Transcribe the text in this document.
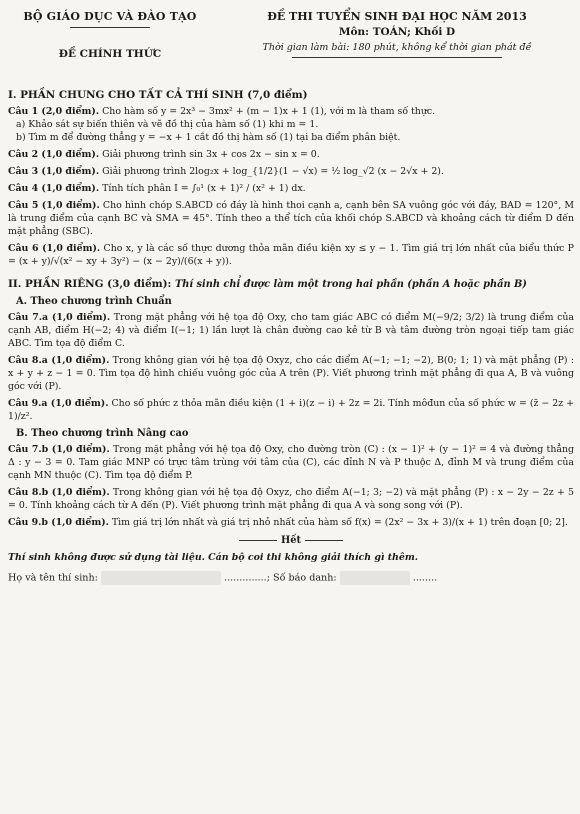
BỘ GIÁO DỤC VÀ ĐÀO TẠO
ĐỀ CHÍNH THỨC
ĐỀ THI TUYỂN SINH ĐẠI HỌC NĂM 2013
Môn: TOÁN; Khối D
Thời gian làm bài: 180 phút, không kể thời gian phát đề
I. PHẦN CHUNG CHO TẤT CẢ THÍ SINH (7,0 điểm)
Câu 1 (2,0 điểm). Cho hàm số y = 2x³ − 3mx² + (m − 1)x + 1 (1), với m là tham số thực.
a) Khảo sát sự biến thiên và vẽ đồ thị của hàm số (1) khi m = 1.
b) Tìm m để đường thẳng y = −x + 1 cắt đồ thị hàm số (1) tại ba điểm phân biệt.
Câu 2 (1,0 điểm). Giải phương trình sin 3x + cos 2x − sin x = 0.
Câu 3 (1,0 điểm). Giải phương trình 2log₂x + log_{1/2}(1 − √x) = ½ log_√2 (x − 2√x + 2).
Câu 4 (1,0 điểm). Tính tích phân I = ∫₀¹ (x + 1)² / (x² + 1) dx.
Câu 5 (1,0 điểm). Cho hình chóp S.ABCD có đáy là hình thoi cạnh a, cạnh bên SA vuông góc với đáy, BAD = 120°, M là trung điểm của cạnh BC và SMA = 45°. Tính theo a thể tích của khối chóp S.ABCD và khoảng cách từ điểm D đến mặt phẳng (SBC).
Câu 6 (1,0 điểm). Cho x, y là các số thực dương thỏa mãn điều kiện xy ≤ y − 1. Tìm giá trị lớn nhất của biểu thức P = (x + y)/√(x² − xy + 3y²) − (x − 2y)/(6(x + y)).
II. PHẦN RIÊNG (3,0 điểm): Thí sinh chỉ được làm một trong hai phần (phần A hoặc phần B)
A. Theo chương trình Chuẩn
Câu 7.a (1,0 điểm). Trong mặt phẳng với hệ tọa độ Oxy, cho tam giác ABC có điểm M(−9/2; 3/2) là trung điểm của cạnh AB, điểm H(−2; 4) và điểm I(−1; 1) lần lượt là chân đường cao kẻ từ B và tâm đường tròn ngoại tiếp tam giác ABC. Tìm tọa độ điểm C.
Câu 8.a (1,0 điểm). Trong không gian với hệ tọa độ Oxyz, cho các điểm A(−1; −1; −2), B(0; 1; 1) và mặt phẳng (P) : x + y + z − 1 = 0. Tìm tọa độ hình chiếu vuông góc của A trên (P). Viết phương trình mặt phẳng đi qua A, B và vuông góc với (P).
Câu 9.a (1,0 điểm). Cho số phức z thỏa mãn điều kiện (1 + i)(z − i) + 2z = 2i. Tính môđun của số phức w = (z̄ − 2z + 1)/z².
B. Theo chương trình Nâng cao
Câu 7.b (1,0 điểm). Trong mặt phẳng với hệ tọa độ Oxy, cho đường tròn (C) : (x − 1)² + (y − 1)² = 4 và đường thẳng Δ : y − 3 = 0. Tam giác MNP có trực tâm trùng với tâm của (C), các đỉnh N và P thuộc Δ, đỉnh M và trung điểm của cạnh MN thuộc (C). Tìm tọa độ điểm P.
Câu 8.b (1,0 điểm). Trong không gian với hệ tọa độ Oxyz, cho điểm A(−1; 3; −2) và mặt phẳng (P) : x − 2y − 2z + 5 = 0. Tính khoảng cách từ A đến (P). Viết phương trình mặt phẳng đi qua A và song song với (P).
Câu 9.b (1,0 điểm). Tìm giá trị lớn nhất và giá trị nhỏ nhất của hàm số f(x) = (2x² − 3x + 3)/(x + 1) trên đoạn [0; 2].
Hết
Thí sinh không được sử dụng tài liệu. Cán bộ coi thi không giải thích gì thêm.
Họ và tên thí sinh:	..............; Số báo danh:	........
